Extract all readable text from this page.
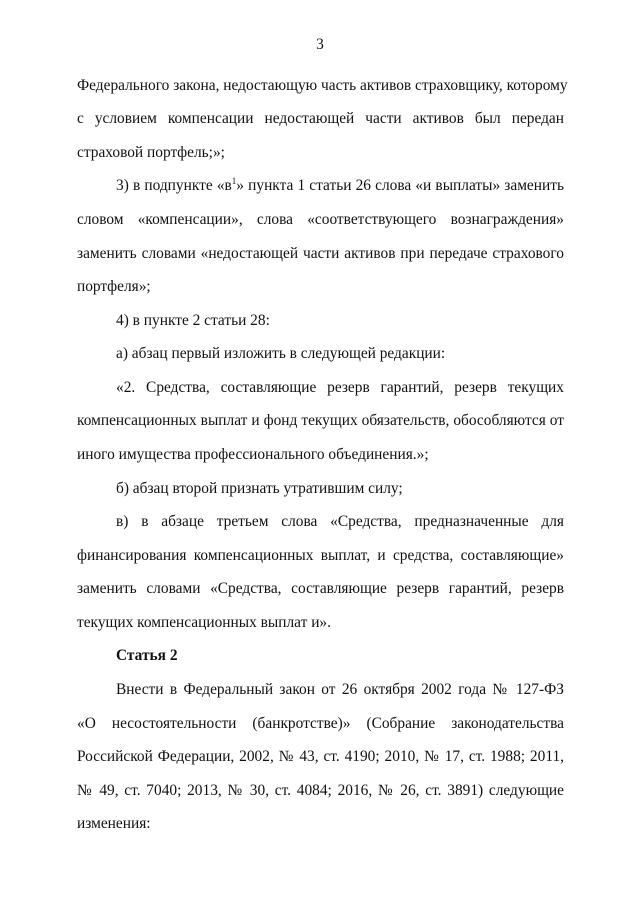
3
Федерального закона, недостающую часть активов страховщику, которому
с условием компенсации недостающей части активов был передан
страховой портфель;»;
3) в подпункте «$в^1$» пункта 1 статьи 26 слова «и выплаты» заменить
словом «компенсации», слова «соответствующего вознаграждения»
заменить словами «недостающей части активов при передаче страхового
портфеля»;
4) в пункте 2 статьи 28:
а) абзац первый изложить в следующей редакции:
«2. Средства, составляющие резерв гарантий, резерв текущих
компенсационных выплат и фонд текущих обязательств, обособляются от
иного имущества профессионального объединения.»;
б) абзац второй признать утратившим силу;
в) в абзаце третьем слова «Средства, предназначенные для
финансирования компенсационных выплат, и средства, составляющие»
заменить словами «Средства, составляющие резерв гарантий, резерв
текущих компенсационных выплат и».
Статья 2
Внести в Федеральный закон от 26 октября 2002 года № 127-ФЗ
«О несостоятельности (банкротстве)» (Собрание законодательства
Российской Федерации, 2002, № 43, ст. 4190; 2010, № 17, ст. 1988; 2011,
№ 49, ст. 7040; 2013, № 30, ст. 4084; 2016, № 26, ст. 3891) следующие
изменения:
